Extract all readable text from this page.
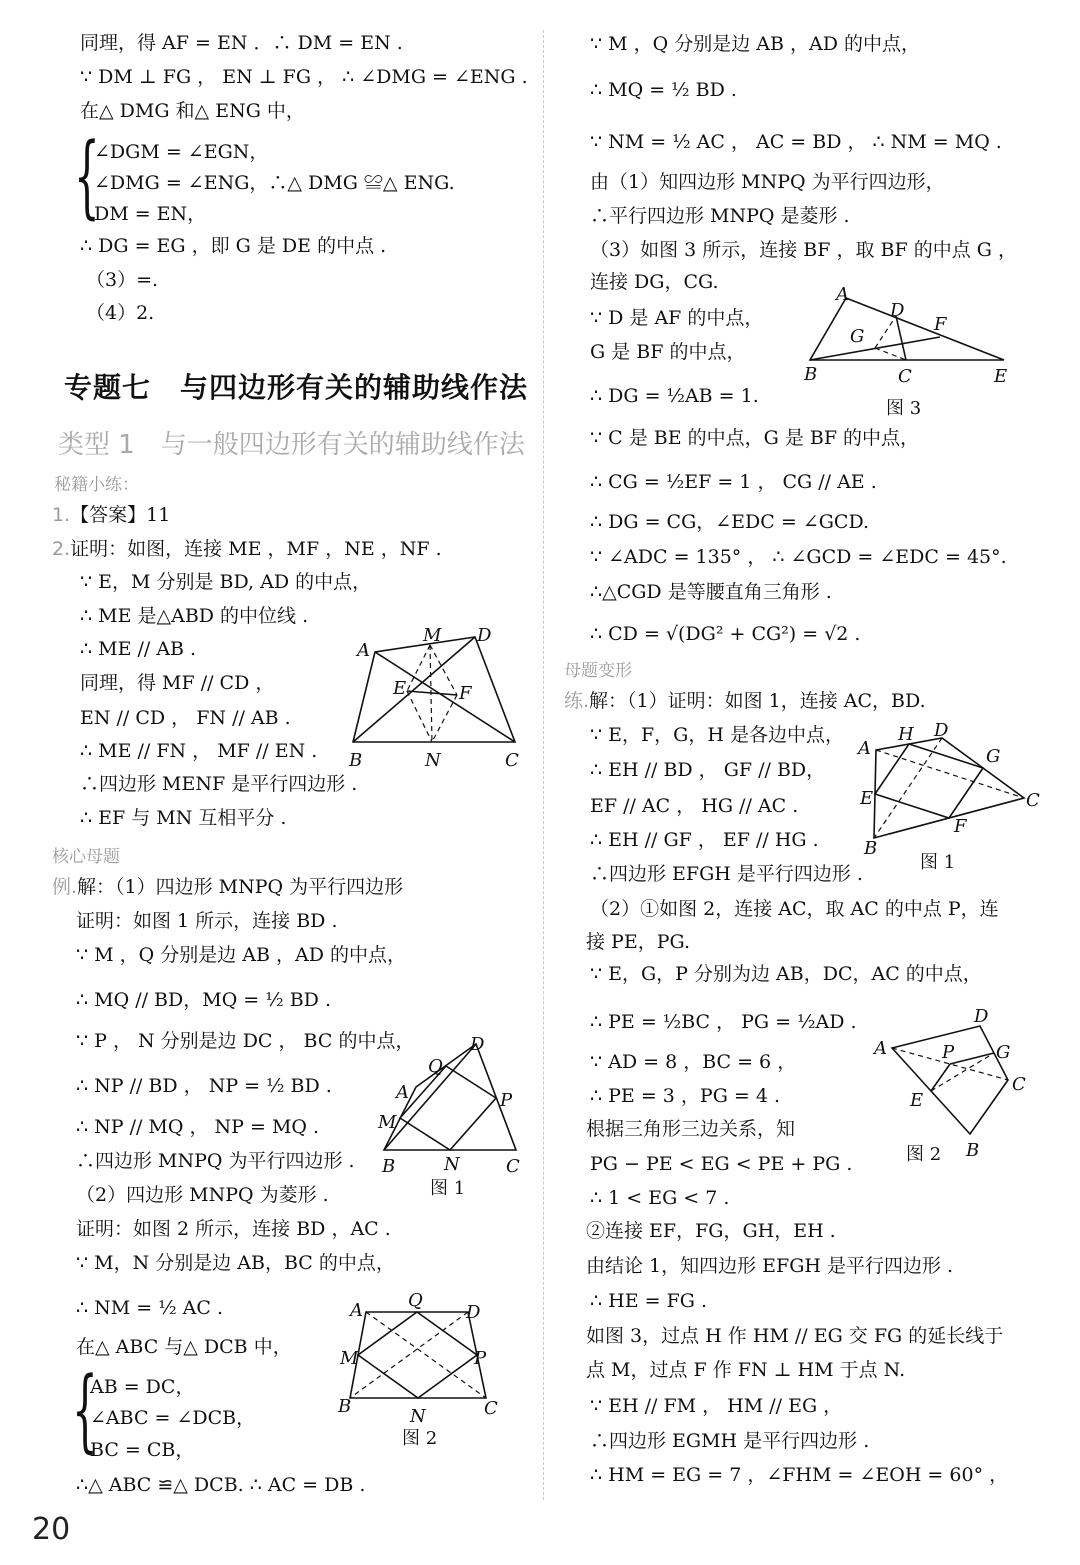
同理，得 AF = EN ．∴ DM = EN .
∵ DM ⊥ FG ， EN ⊥ FG ， ∴ ∠DMG = ∠ENG .
在△ DMG 和△ ENG 中，
{
∠DGM = ∠EGN，
∠DMG = ∠ENG，∴△ DMG ≌△ ENG.
DM = EN，
∴ DG = EG ，即 G 是 DE 的中点 .
（3）=.
（4）2.
专题七　与四边形有关的辅助线作法
类型 1　与一般四边形有关的辅助线作法
秘籍小练：
1.【答案】11
2.证明：如图，连接 ME ，MF ，NE ，NF .
∵ E，M 分别是 BD, AD 的中点，
∴ ME 是△ABD 的中位线 .
∴ ME // AB .
同理，得 MF // CD ，
EN // CD ， FN // AB .
∴ ME // FN ， MF // EN .
∴四边形 MENF 是平行四边形 .
∴ EF 与 MN 互相平分 .
M D
A
E	F
B	N	C
核心母题
例.解：（1）四边形 MNPQ 为平行四边形
证明：如图 1 所示，连接 BD .
∵ M ，Q 分别是边 AB ，AD 的中点，
∴ MQ // BD，MQ = ½ BD .
∵ P ， N 分别是边 DC ， BC 的中点，
∴ NP // BD ， NP = ½ BD .
∴ NP // MQ ， NP = MQ .
∴四边形 MNPQ 为平行四边形 .
（2）四边形 MNPQ 为菱形 .
证明：如图 2 所示，连接 BD ，AC .
∵ M，N 分别是边 AB，BC 的中点，
∴ NM = ½ AC .
在△ ABC 与△ DCB 中，
{
AB = DC，
∠ABC = ∠DCB，
BC = CB，
∴△ ABC ≌△ DCB. ∴ AC = DB .
D
Q
A	P
M
B	N	C
图 1
Q
A	D
M	P
B	N	C
图 2
∵ M ，Q 分别是边 AB ，AD 的中点，
∴ MQ = ½ BD .
∵ NM = ½ AC ， AC = BD ， ∴ NM = MQ .
由（1）知四边形 MNPQ 为平行四边形，
∴平行四边形 MNPQ 是菱形 .
（3）如图 3 所示，连接 BF ，取 BF 的中点 G ，
连接 DG，CG.
∵ D 是 AF 的中点，
G 是 BF 的中点，
∴ DG = ½AB = 1.
∵ C 是 BE 的中点，G 是 BF 的中点，
∴ CG = ½EF = 1 ， CG // AE .
∴ DG = CG，∠EDC = ∠GCD.
∵ ∠ADC = 135° ， ∴ ∠GCD = ∠EDC = 45°.
∴△CGD 是等腰直角三角形 .
∴ CD = √(DG² + CG²) = √2 .
A
D
G
F
B	C	E
图 3
母题变形
练.解：（1）证明：如图 1，连接 AC，BD.
∵ E，F，G，H 是各边中点，
∴ EH // BD ， GF // BD，
EF // AC ， HG // AC .
∴ EH // GF ， EF // HG .
∴四边形 EFGH 是平行四边形 .
（2）①如图 2，连接 AC，取 AC 的中点 P，连
接 PE，PG.
∵ E，G，P 分别为边 AB，DC，AC 的中点，
∴ PE = ½BC ， PG = ½AD .
∵ AD = 8 ，BC = 6 ，
∴ PE = 3 ，PG = 4 .
根据三角形三边关系，知
PG − PE < EG < PE + PG .
∴ 1 < EG < 7 .
②连接 EF，FG，GH，EH .
由结论 1，知四边形 EFGH 是平行四边形 .
∴ HE = FG .
如图 3，过点 H 作 HM // EG 交 FG 的延长线于
点 M，过点 F 作 FN ⊥ HM 于点 N.
∵ EH // FM ， HM // EG ，
∴四边形 EGMH 是平行四边形 .
∴ HM = EG = 7 ，∠FHM = ∠EOH = 60° ，
H D
A	G
E	C
F
B
图 1
D
A	P G
C
E
B
图 2
20
